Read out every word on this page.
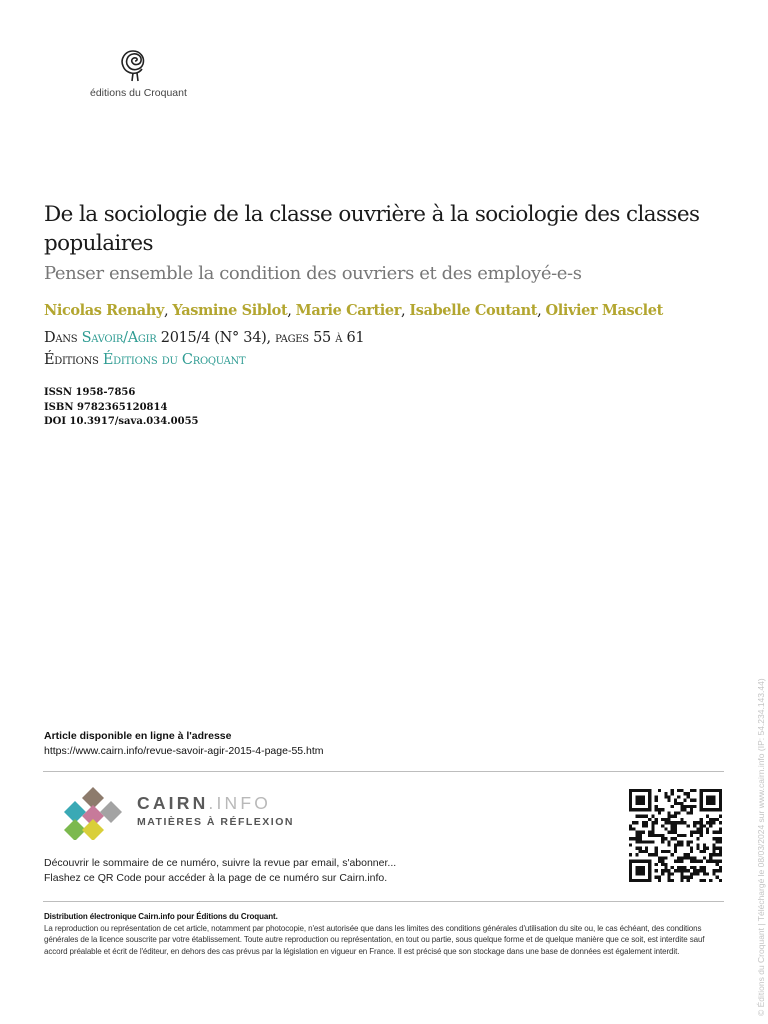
éditions du Croquant
De la sociologie de la classe ouvrière à la sociologie des classes populaires
Penser ensemble la condition des ouvriers et des employé-e-s
Nicolas Renahy, Yasmine Siblot, Marie Cartier, Isabelle Coutant, Olivier Masclet
Dans Savoir/Agir 2015/4 (N° 34), pages 55 à 61
Éditions Éditions du Croquant
ISSN 1958-7856
ISBN 9782365120814
DOI 10.3917/sava.034.0055
Article disponible en ligne à l'adresse
https://www.cairn.info/revue-savoir-agir-2015-4-page-55.htm
CAIRN.INFO
MATIÈRES À RÉFLEXION
Découvrir le sommaire de ce numéro, suivre la revue par email, s'abonner...
Flashez ce QR Code pour accéder à la page de ce numéro sur Cairn.info.
Distribution électronique Cairn.info pour Éditions du Croquant.
La reproduction ou représentation de cet article, notamment par photocopie, n'est autorisée que dans les limites des conditions générales d'utilisation du site ou, le cas échéant, des conditions générales de la licence souscrite par votre établissement. Toute autre reproduction ou représentation, en tout ou partie, sous quelque forme et de quelque manière que ce soit, est interdite sauf accord préalable et écrit de l'éditeur, en dehors des cas prévus par la législation en vigueur en France. Il est précisé que son stockage dans une base de données est également interdit.	© Éditions du Croquant | Téléchargé le 08/03/2024 sur www.cairn.info (IP: 54.234.143.44)
